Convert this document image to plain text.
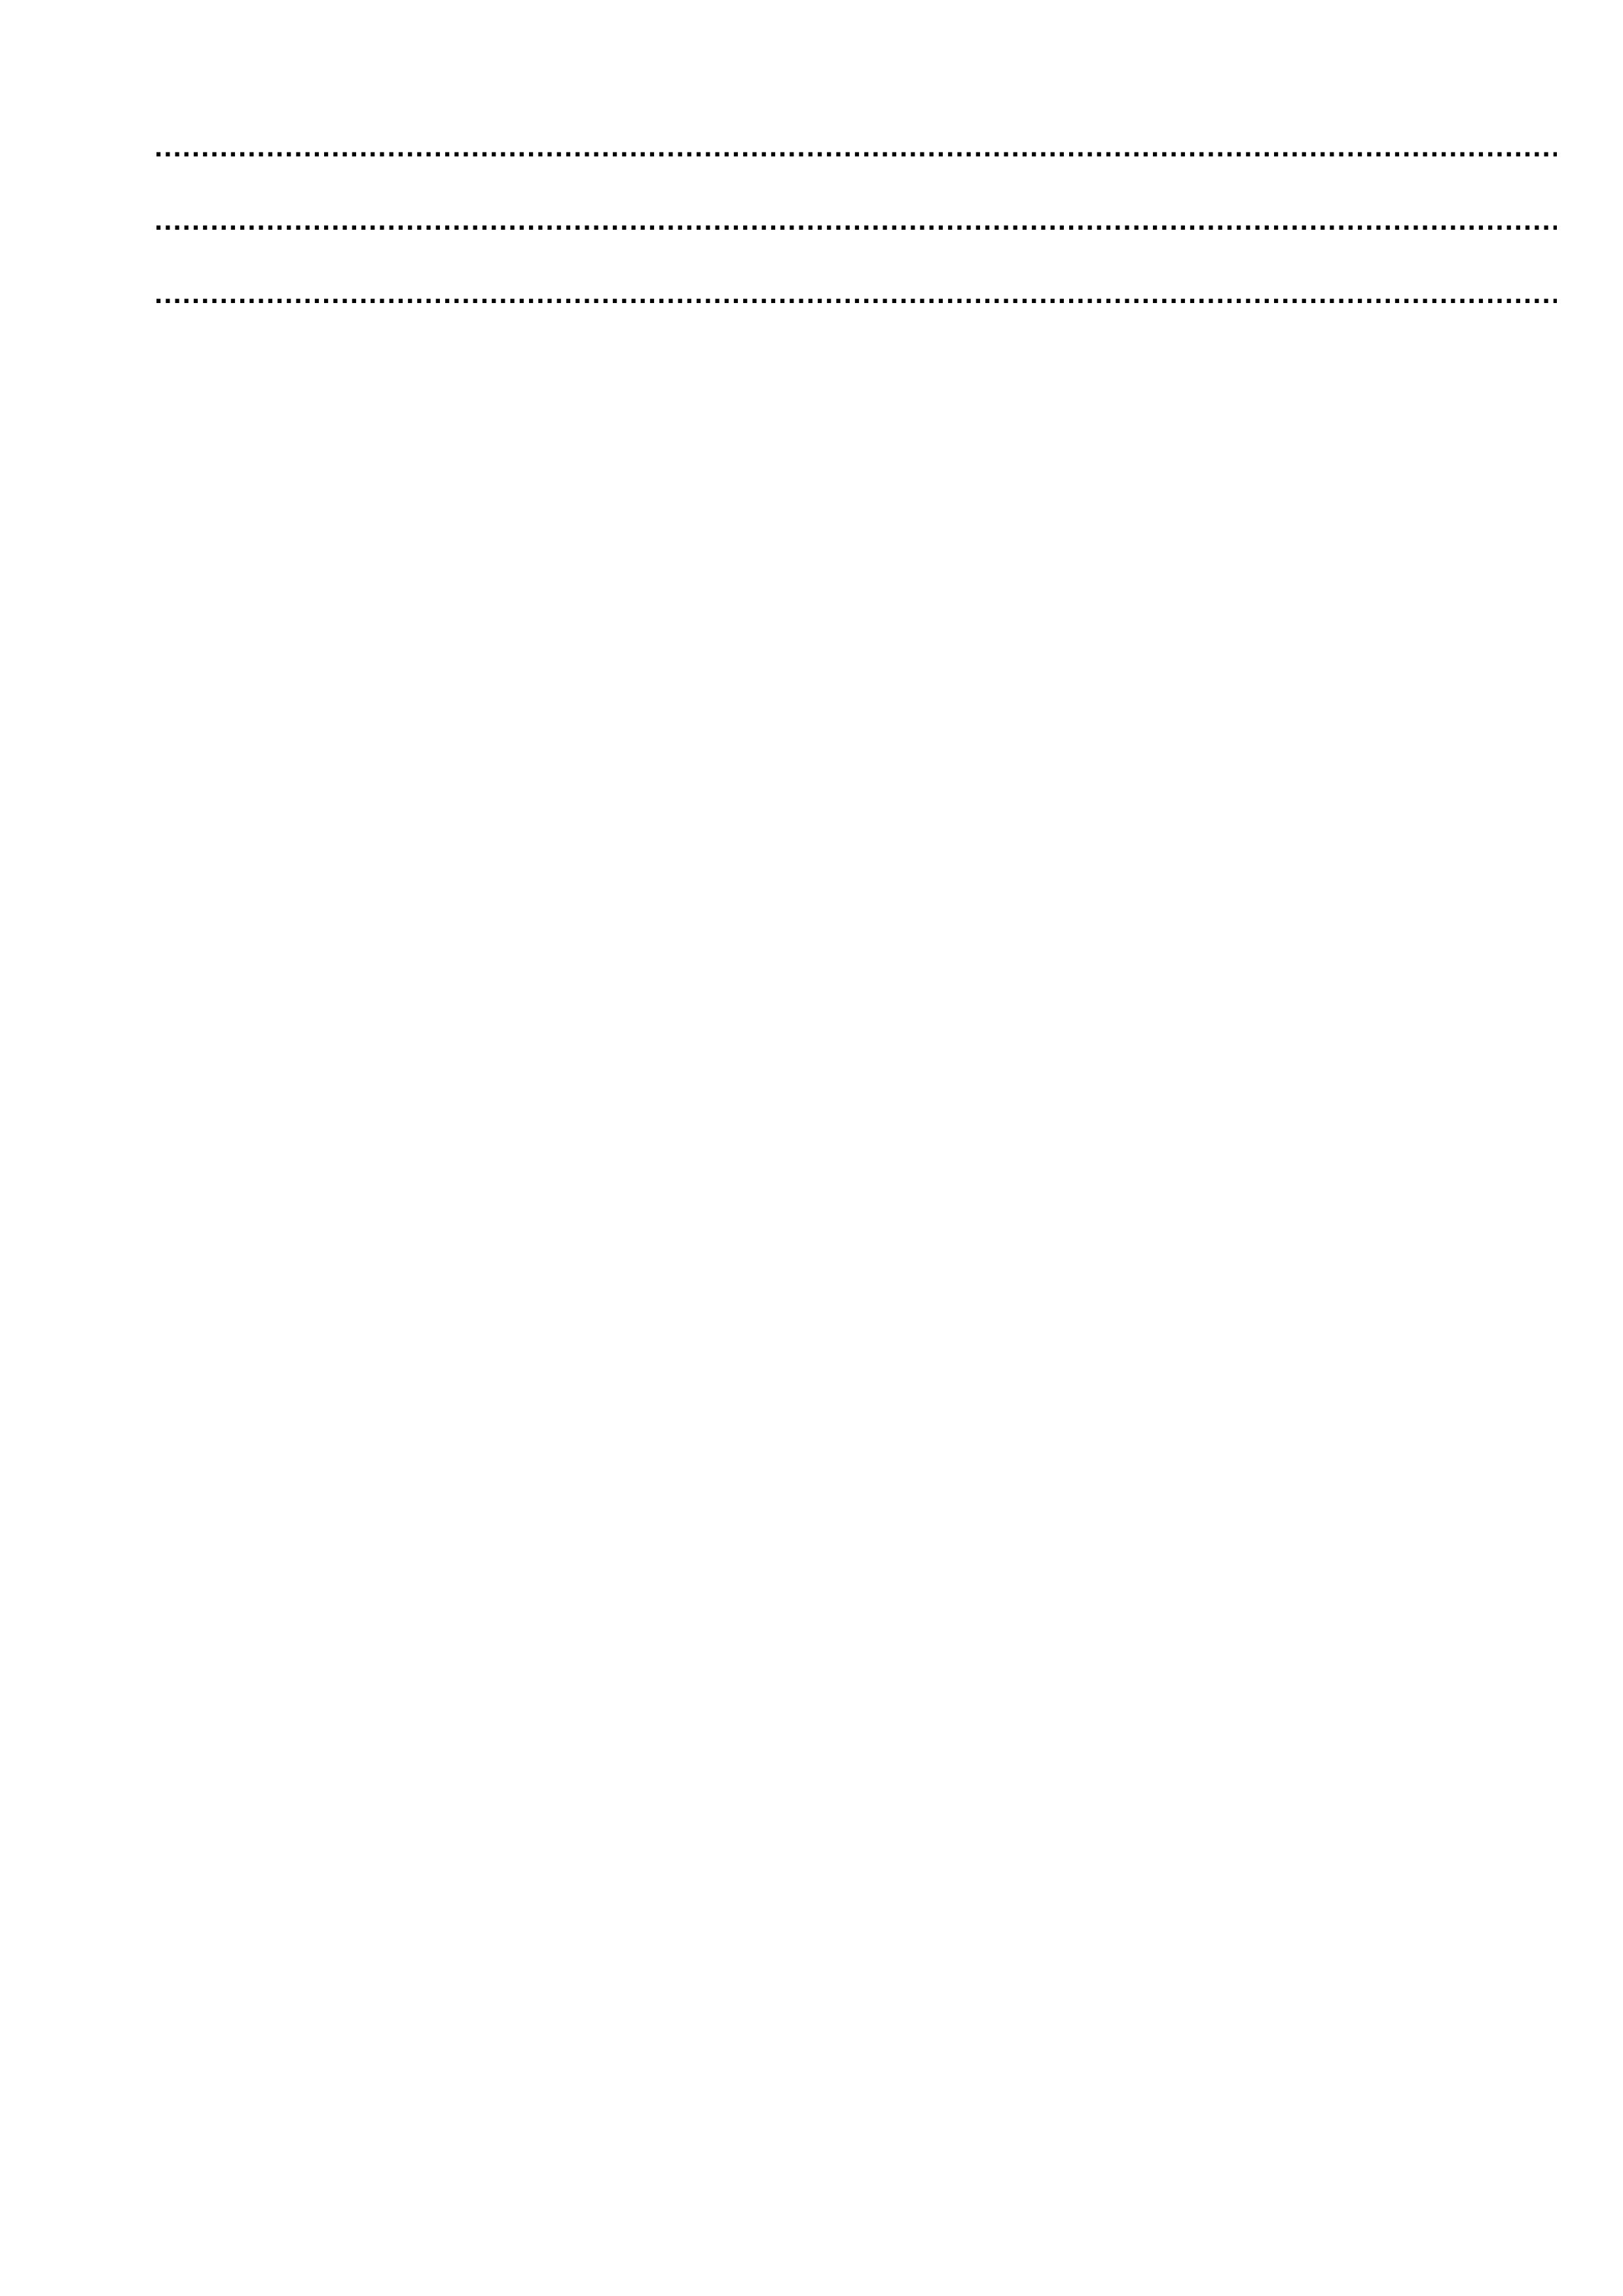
.....
.....
.....
